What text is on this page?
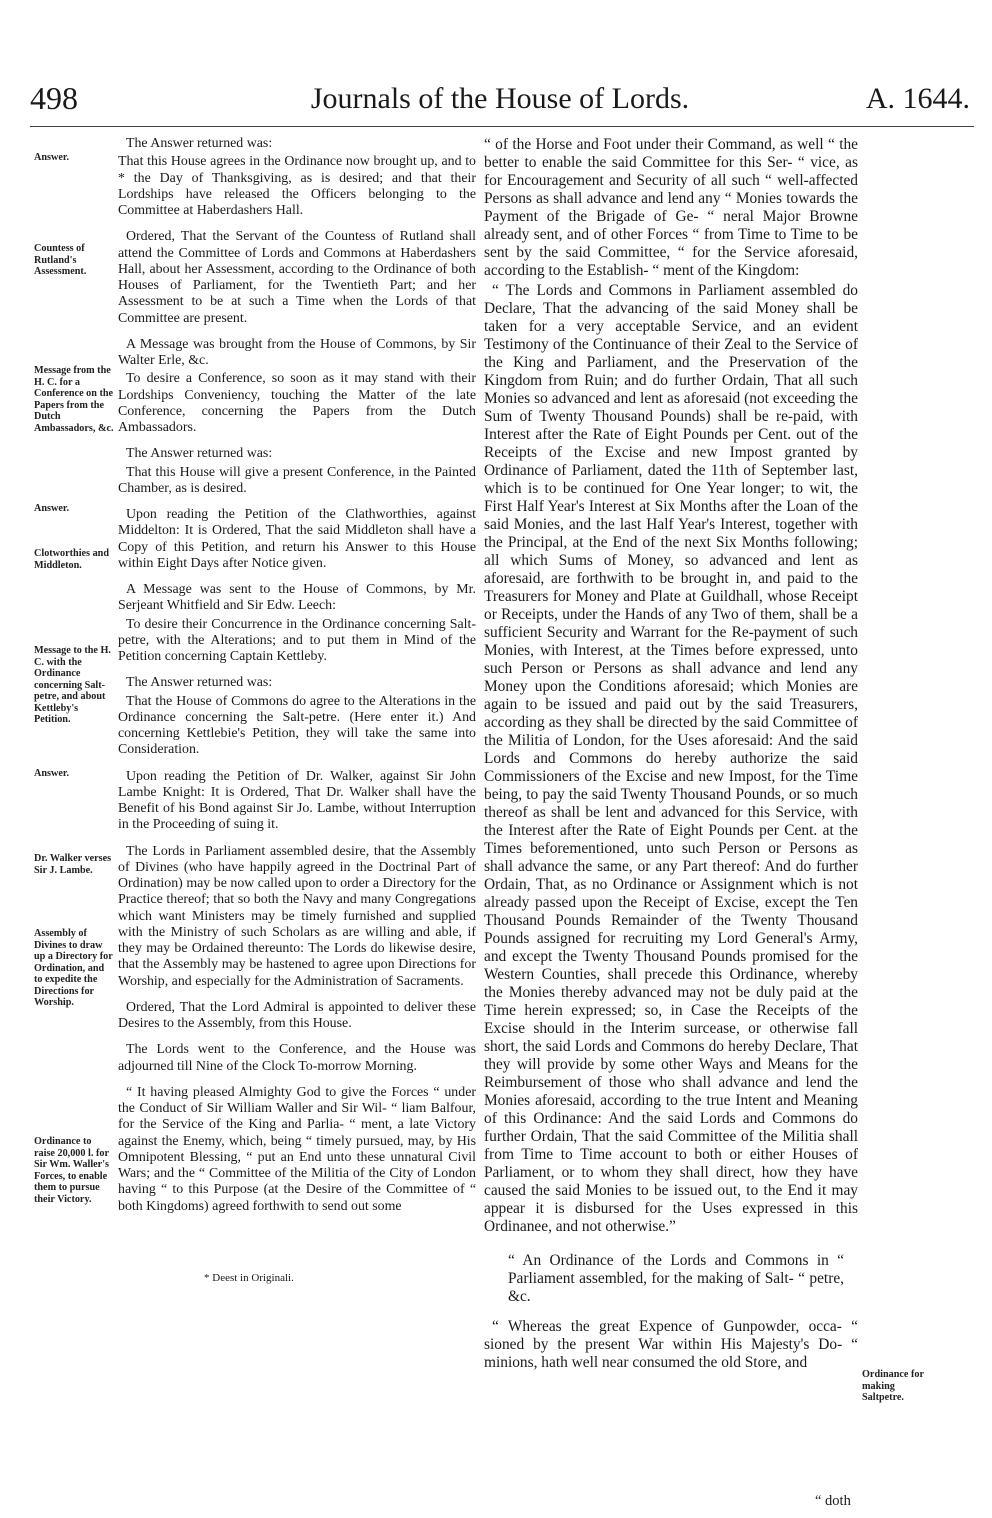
498	Journals of the House of Lords.	A. 1644.
Answer.
Countess of Rutland's Assessment.
Message from the H. C. for a Conference on the Papers from the Dutch Ambassadors, &c.
Answer.
Clotworthies and Middleton.
Message to the H. C. with the Ordinance concerning Salt-petre, and about Kettleby's Petition.
Answer.
Dr. Walker verses Sir J. Lambe.
Assembly of Divines to draw up a Directory for Ordination, and to expedite the Directions for Worship.
Ordinance to raise 20,000 l. for Sir Wm. Waller's Forces, to enable them to pursue their Victory.
Ordinance for making Saltpetre.

The Answer returned was:

That this House agrees in the Ordinance now brought up, and to * the Day of Thanksgiving, as is desired; and that their Lordships have released the Officers belonging to the Committee at Haberdashers Hall.

Ordered, That the Servant of the Countess of Rutland shall attend the Committee of Lords and Commons at Haberdashers Hall, about her Assessment, according to the Ordinance of both Houses of Parliament, for the Twentieth Part; and her Assessment to be at such a Time when the Lords of that Committee are present.

A Message was brought from the House of Commons, by Sir Walter Erle, &c.

To desire a Conference, so soon as it may stand with their Lordships Conveniency, touching the Matter of the late Conference, concerning the Papers from the Dutch Ambassadors.

The Answer returned was:

That this House will give a present Conference, in the Painted Chamber, as is desired.

Upon reading the Petition of the Clathworthies, against Middelton: It is Ordered, That the said Middleton shall have a Copy of this Petition, and return his Answer to this House within Eight Days after Notice given.

A Message was sent to the House of Commons, by Mr. Serjeant Whitfield and Sir Edw. Leech:

To desire their Concurrence in the Ordinance concerning Salt-petre, with the Alterations; and to put them in Mind of the Petition concerning Captain Kettleby.

The Answer returned was:

That the House of Commons do agree to the Alterations in the Ordinance concerning the Salt-petre. (Here enter it.) And concerning Kettlebie's Petition, they will take the same into Consideration.

Upon reading the Petition of Dr. Walker, against Sir John Lambe Knight: It is Ordered, That Dr. Walker shall have the Benefit of his Bond against Sir Jo. Lambe, without Interruption in the Proceeding of suing it.

The Lords in Parliament assembled desire, that the Assembly of Divines (who have happily agreed in the Doctrinal Part of Ordination) may be now called upon to order a Directory for the Practice thereof; that so both the Navy and many Congregations which want Ministers may be timely furnished and supplied with the Ministry of such Scholars as are willing and able, if they may be Ordained thereunto: The Lords do likewise desire, that the Assembly may be hastened to agree upon Directions for Worship, and especially for the Administration of Sacraments.

Ordered, That the Lord Admiral is appointed to deliver these Desires to the Assembly, from this House.

The Lords went to the Conference, and the House was adjourned till Nine of the Clock To-morrow Morning.

“ It having pleased Almighty God to give the Forces “ under the Conduct of Sir William Waller and Sir Wil- “ liam Balfour, for the Service of the King and Parlia- “ ment, a late Victory against the Enemy, which, being “ timely pursued, may, by His Omnipotent Blessing, “ put an End unto these unnatural Civil Wars; and the “ Committee of the Militia of the City of London having “ to this Purpose (at the Desire of the Committee of “ both Kingdoms) agreed forthwith to send out some

* Deest in Originali.

“ of the Horse and Foot under their Command, as well “ the better to enable the said Committee for this Ser- “ vice, as for Encouragement and Security of all such “ well-affected Persons as shall advance and lend any “ Monies towards the Payment of the Brigade of Ge- “ neral Major Browne already sent, and of other Forces “ from Time to Time to be sent by the said Committee, “ for the Service aforesaid, according to the Establish- “ ment of the Kingdom:

“ The Lords and Commons in Parliament assembled do Declare, That the advancing of the said Money shall be taken for a very acceptable Service, and an evident Testimony of the Continuance of their Zeal to the Service of the King and Parliament, and the Preservation of the Kingdom from Ruin; and do further Ordain, That all such Monies so advanced and lent as aforesaid (not exceeding the Sum of Twenty Thousand Pounds) shall be re-paid, with Interest after the Rate of Eight Pounds per Cent. out of the Receipts of the Excise and new Impost granted by Ordinance of Parliament, dated the 11th of September last, which is to be continued for One Year longer; to wit, the First Half Year's Interest at Six Months after the Loan of the said Monies, and the last Half Year's Interest, together with the Principal, at the End of the next Six Months following; all which Sums of Money, so advanced and lent as aforesaid, are forthwith to be brought in, and paid to the Treasurers for Money and Plate at Guildhall, whose Receipt or Receipts, under the Hands of any Two of them, shall be a sufficient Security and Warrant for the Re-payment of such Monies, with Interest, at the Times before expressed, unto such Person or Persons as shall advance and lend any Money upon the Conditions aforesaid; which Monies are again to be issued and paid out by the said Treasurers, according as they shall be directed by the said Committee of the Militia of London, for the Uses aforesaid: And the said Lords and Commons do hereby authorize the said Commissioners of the Excise and new Impost, for the Time being, to pay the said Twenty Thousand Pounds, or so much thereof as shall be lent and advanced for this Service, with the Interest after the Rate of Eight Pounds per Cent. at the Times beforementioned, unto such Person or Persons as shall advance the same, or any Part thereof: And do further Ordain, That, as no Ordinance or Assignment which is not already passed upon the Receipt of Excise, except the Ten Thousand Pounds Remainder of the Twenty Thousand Pounds assigned for recruiting my Lord General's Army, and except the Twenty Thousand Pounds promised for the Western Counties, shall precede this Ordinance, whereby the Monies thereby advanced may not be duly paid at the Time herein expressed; so, in Case the Receipts of the Excise should in the Interim surcease, or otherwise fall short, the said Lords and Commons do hereby Declare, That they will provide by some other Ways and Means for the Reimbursement of those who shall advance and lend the Monies aforesaid, according to the true Intent and Meaning of this Ordinance: And the said Lords and Commons do further Ordain, That the said Committee of the Militia shall from Time to Time account to both or either Houses of Parliament, or to whom they shall direct, how they have caused the said Monies to be issued out, to the End it may appear it is disbursed for the Uses expressed in this Ordinanee, and not otherwise.”

“ An Ordinance of the Lords and Commons in “ Parliament assembled, for the making of Salt- “ petre, &c.

“ Whereas the great Expence of Gunpowder, occa- “ sioned by the present War within His Majesty's Do- “ minions, hath well near consumed the old Store, and

“ doth
